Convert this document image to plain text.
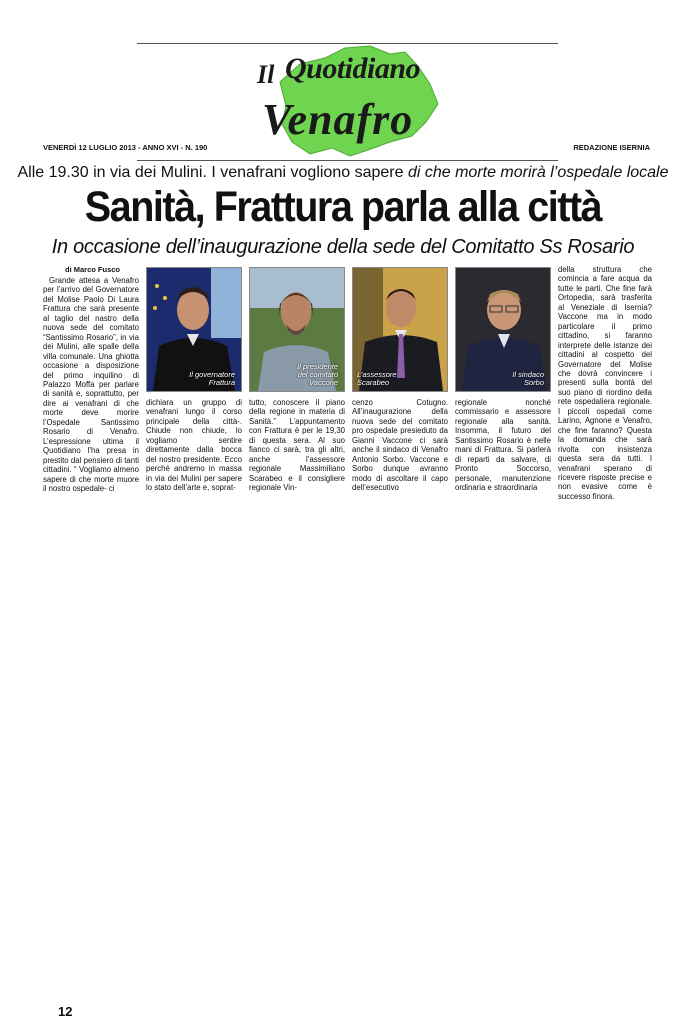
Il Quotidiano
Venafro
VENERDÌ 12 LUGLIO 2013 - ANNO XVI - N. 190	REDAZIONE ISERNIA
Alle 19.30 in via dei Mulini. I venafrani vogliono sapere di che morte morirà l’ospedale locale
Sanità, Frattura parla alla città
In occasione dell’inaugurazione della sede del Comitatto Ss Rosario
di Marco Fusco

Grande attesa a Venafro per l’arrivo del Governatore del Molise Paolo Di Laura Frattura che sarà presente al taglio del nastro della nuova sede del comitato “Santissimo Rosario”, in via dei Mulini, alle spalle della villa comunale. Una ghiotta occasione a disposizione del primo inquilino di Palazzo Moffa per parlare di sanità e, soprattutto, per dire ai venafrani di che morte deve morire l’Ospedale Santissimo Rosario di Venafro. L’espressione ultima il Quotidiano l’ha presa in prestito dal pensiero di tanti cittadini. “ Vogliamo almeno sapere di che morte muore il nostro ospedale- ci

Il governatore
Frattura
Il presidente
del comitato
Vaccone
L’assessore
Scarabeo
Il sindaco
Sorbo

dichiara un gruppo di venafrani lungo il corso principale della città-. Chiude non chiude, lo vogliamo sentire direttamente dalla bocca del nostro presidente. Ecco perché andremo in massa in via dei Mulini per sapere lo stato dell’arte e, soprat-

tutto, conoscere il piano della regione in materia di Sanità.” L’appuntamento con Frattura è per le 19,30 di questa sera. Al suo fianco ci sarà, tra gli altri, anche l’assessore regionale Massimiliano Scarabeo e il consigliere regionale Vin-

cenzo Cotugno. All’inaugurazione della nuova sede del comitato pro ospedale presieduto da Gianni Vaccone ci sarà anche il sindaco di Venafro Antonio Sorbo. Vaccone e Sorbo dunque avranno modo di ascoltare il capo dell’esecutivo

regionale nonché commissario e assessore regionale alla sanità. Insomma, il futuro del Santissimo Rosario è nelle mani di Frattura. Si parlerà di reparti da salvare, di Pronto Soccorso, personale, manutenzione ordinaria e straordinaria

della struttura che comincia a fare acqua da tutte le parti. Che fine farà Ortopedia, sarà trasferita al Veneziale di Isernia? Vaccone ma in modo particolare il primo cittadino, si faranno interprete delle istanze dei cittadini al cospetto del Governatore del Molise che dovrà convincere i presenti sulla bontà del suo piano di riordino della rete ospedaliera regionale. I piccoli ospedali come Larino, Agnone e Venafro, che fine faranno? Questa la domanda che sarà rivolta con insistenza questa sera da tutti. I venafrani sperano di ricevere risposte precise e non evasive come è successo finora.

12
